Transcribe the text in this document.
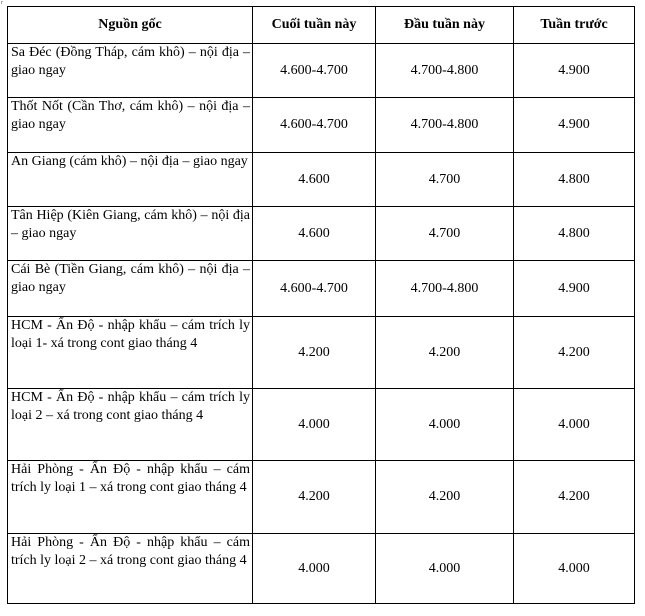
r
Nguồn gốc	Cuối tuần này	Đầu tuần này	Tuần trước
Sa Đéc (Đồng Tháp, cám khô) – nội địa – giao ngay	4.600-4.700	4.700-4.800	4.900
Thốt Nốt (Cần Thơ, cám khô) – nội địa – giao ngay	4.600-4.700	4.700-4.800	4.900
An Giang (cám khô) – nội địa – giao ngay	4.600	4.700	4.800
Tân Hiệp (Kiên Giang, cám khô) – nội địa – giao ngay	4.600	4.700	4.800
Cái Bè (Tiền Giang, cám khô) – nội địa – giao ngay	4.600-4.700	4.700-4.800	4.900
HCM - Ấn Độ - nhập khẩu – cám trích ly loại 1- xá trong cont giao tháng 4	4.200	4.200	4.200
HCM - Ấn Độ - nhập khẩu – cám trích ly loại 2 – xá trong cont giao tháng 4	4.000	4.000	4.000
Hải Phòng - Ấn Độ - nhập khẩu – cám trích ly loại 1 – xá trong cont giao tháng 4	4.200	4.200	4.200
Hải Phòng - Ấn Độ - nhập khẩu – cám trích ly loại 2 – xá trong cont giao tháng 4	4.000	4.000	4.000
